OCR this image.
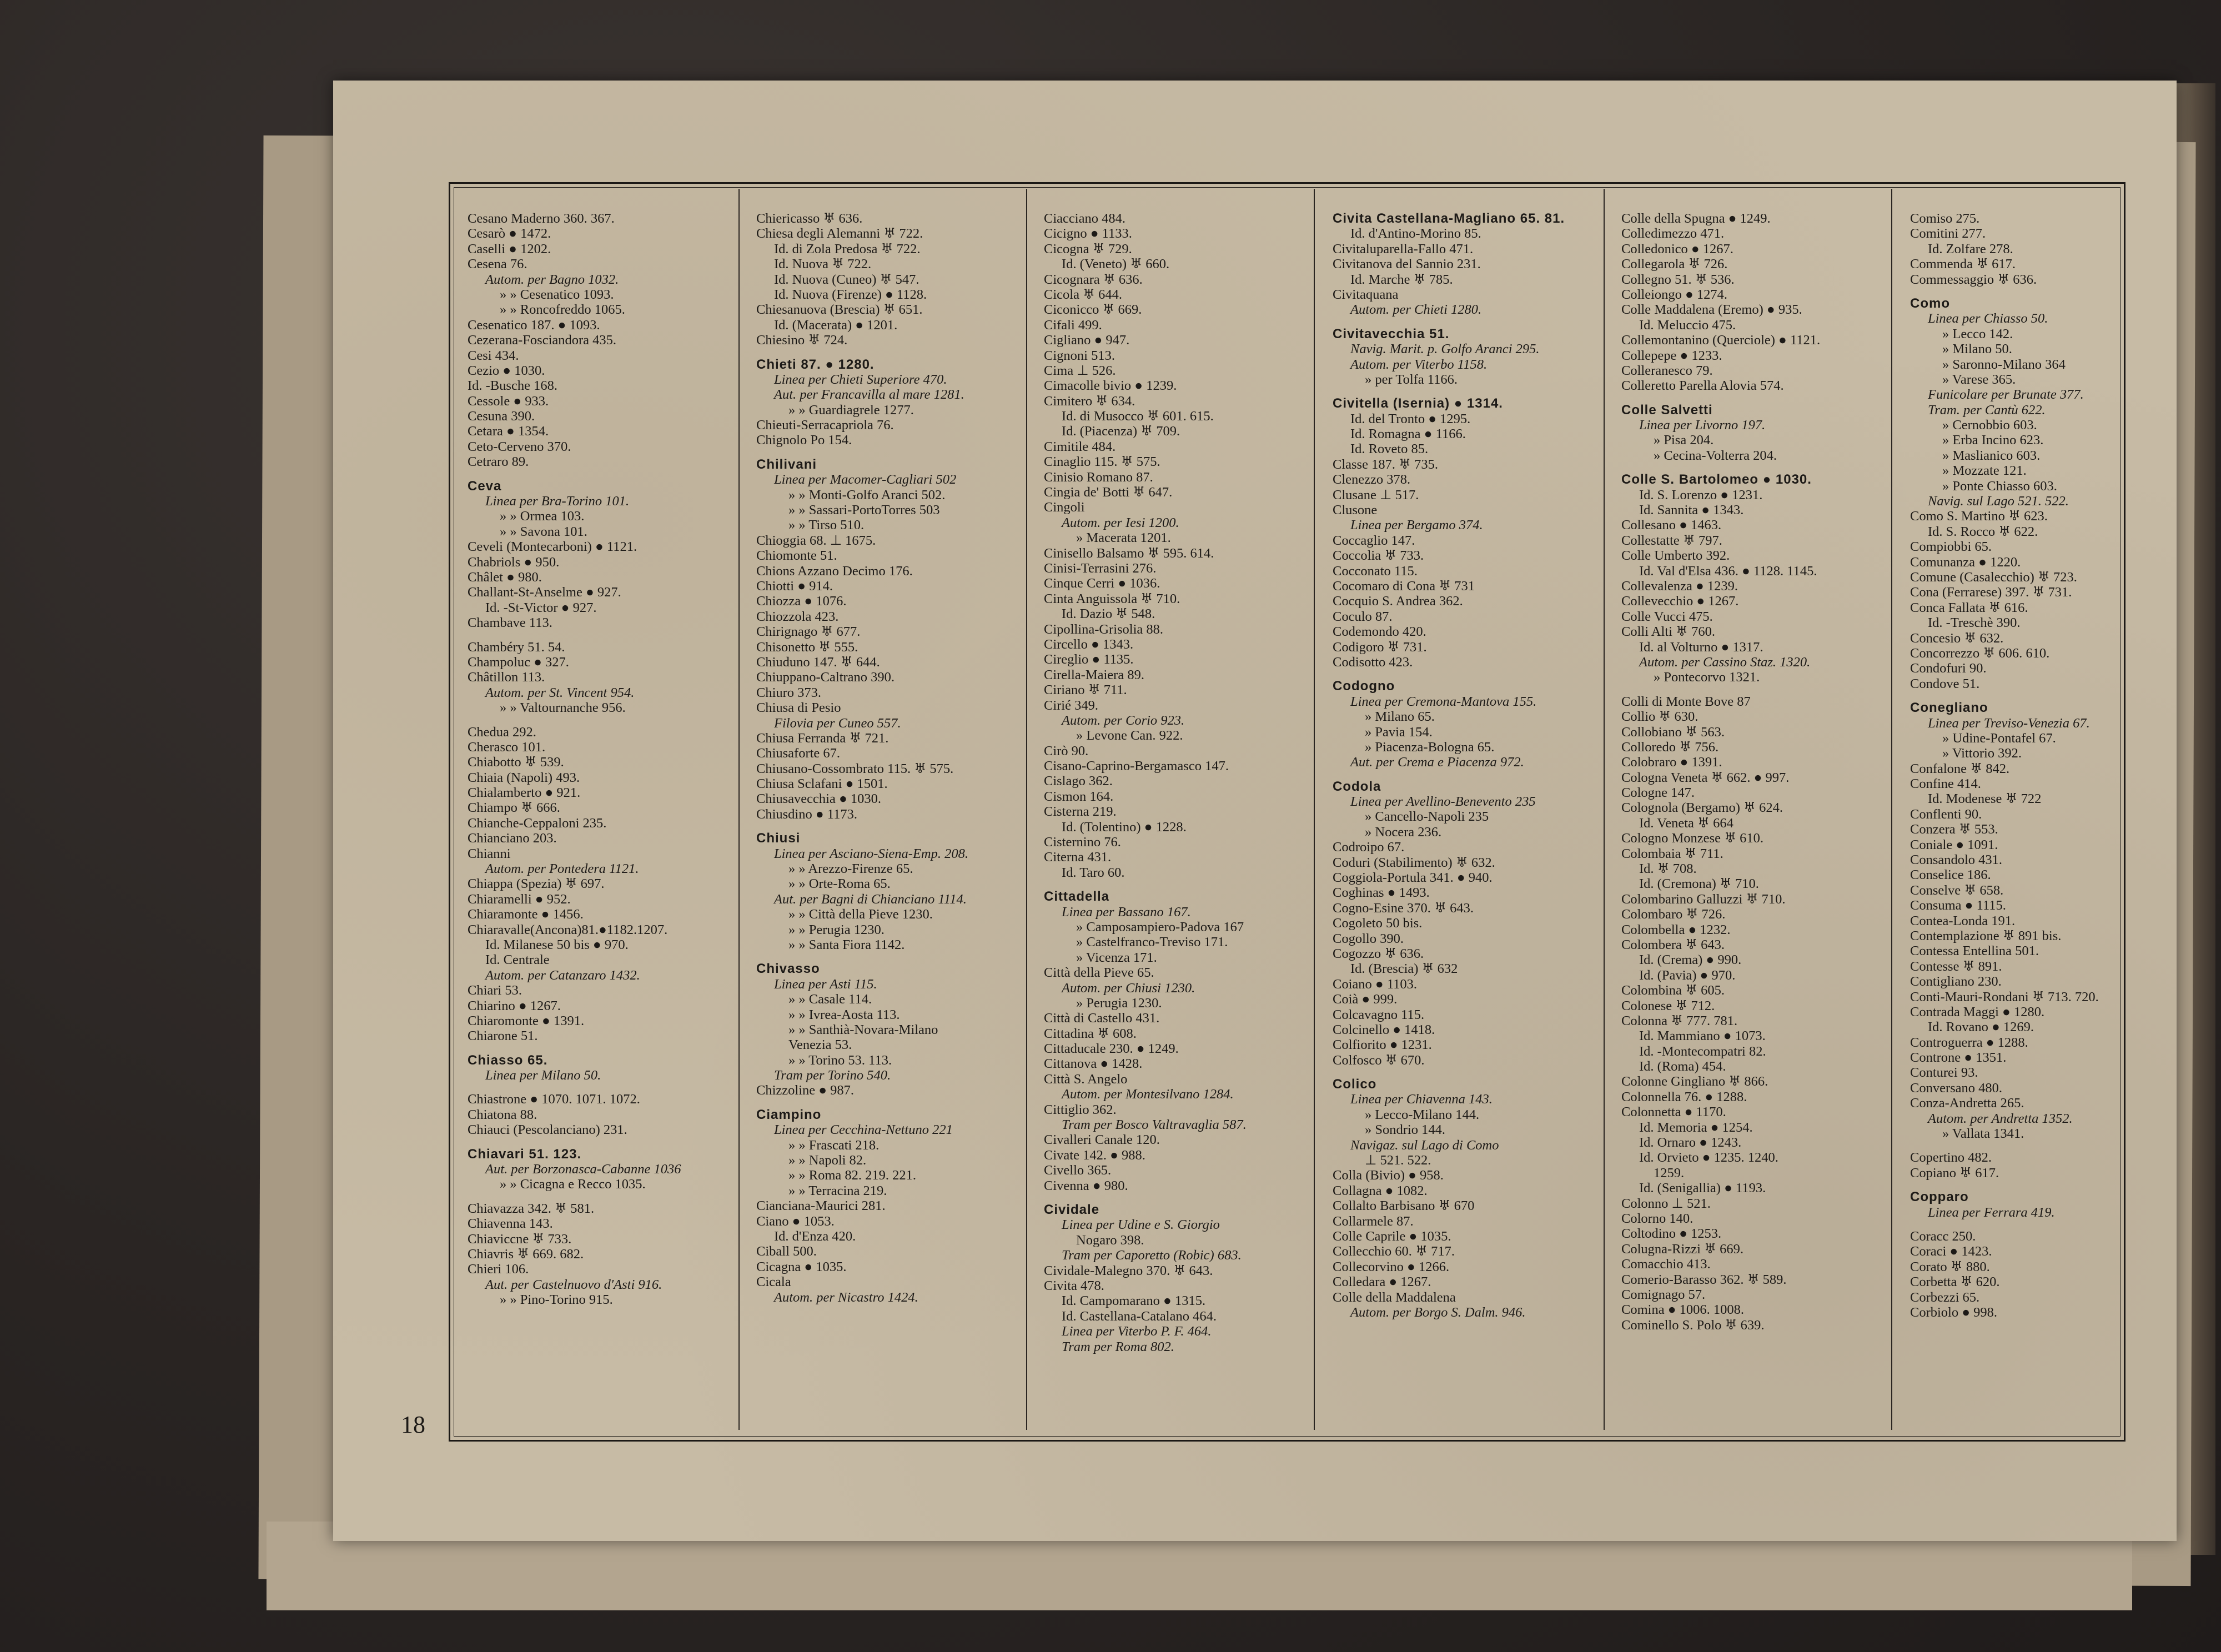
Cesano Maderno 360. 367.
Cesarò ● 1472.
Caselli ● 1202.
Cesena 76.
Autom. per Bagno 1032.
» » Cesenatico 1093.
» » Roncofreddo 1065.
Cesenatico 187. ● 1093.
Cezerana-Fosciandora 435.
Cesi 434.
Cezio ● 1030.
Id. -Busche 168.
Cessole ● 933.
Cesuna 390.
Cetara ● 1354.
Ceto-Cerveno 370.
Cetraro 89.
Ceva
Linea per Bra-Torino 101.
» » Ormea 103.
» » Savona 101.
Ceveli (Montecarboni) ● 1121.
Chabriols ● 950.
Châlet ● 980.
Challant-St-Anselme ● 927.
Id. -St-Victor ● 927.
Chambave 113.
Chambéry 51. 54.
Champoluc ● 327.
Châtillon 113.
Autom. per St. Vincent 954.
» » Valtournanche 956.
Chedua 292.
Cherasco 101.
Chiabotto ♅ 539.
Chiaia (Napoli) 493.
Chialamberto ● 921.
Chiampo ♅ 666.
Chianche-Ceppaloni 235.
Chianciano 203.
Chianni
Autom. per Pontedera 1121.
Chiappa (Spezia) ♅ 697.
Chiaramelli ● 952.
Chiaramonte ● 1456.
Chiaravalle(Ancona)81.●1182.1207.
Id. Milanese 50 bis ● 970.
Id. Centrale
Autom. per Catanzaro 1432.
Chiari 53.
Chiarino ● 1267.
Chiaromonte ● 1391.
Chiarone 51.
Chiasso 65.
Linea per Milano 50.
Chiastrone ● 1070. 1071. 1072.
Chiatona 88.
Chiauci (Pescolanciano) 231.
Chiavari 51. 123.
Aut. per Borzonasca-Cabanne 1036
» » Cicagna e Recco 1035.
Chiavazza 342. ♅ 581.
Chiavenna 143.
Chiaviccne ♅ 733.
Chiavris ♅ 669. 682.
Chieri 106.
Aut. per Castelnuovo d'Asti 916.
» » Pino-Torino 915.
Chiericasso ♅ 636.
Chiesa degli Alemanni ♅ 722.
Id. di Zola Predosa ♅ 722.
Id. Nuova ♅ 722.
Id. Nuova (Cuneo) ♅ 547.
Id. Nuova (Firenze) ● 1128.
Chiesanuova (Brescia) ♅ 651.
Id. (Macerata) ● 1201.
Chiesino ♅ 724.
Chieti 87. ● 1280.
Linea per Chieti Superiore 470.
Aut. per Francavilla al mare 1281.
» » Guardiagrele 1277.
Chieuti-Serracapriola 76.
Chignolo Po 154.
Chilivani
Linea per Macomer-Cagliari 502
» » Monti-Golfo Aranci 502.
» » Sassari-PortoTorres 503
» » Tirso 510.
Chioggia 68. ⊥ 1675.
Chiomonte 51.
Chions Azzano Decimo 176.
Chiotti ● 914.
Chiozza ● 1076.
Chiozzola 423.
Chirignago ♅ 677.
Chisonetto ♅ 555.
Chiuduno 147. ♅ 644.
Chiuppano-Caltrano 390.
Chiuro 373.
Chiusa di Pesio
Filovia per Cuneo 557.
Chiusa Ferranda ♅ 721.
Chiusaforte 67.
Chiusano-Cossombrato 115. ♅ 575.
Chiusa Sclafani ● 1501.
Chiusavecchia ● 1030.
Chiusdino ● 1173.
Chiusi
Linea per Asciano-Siena-Emp. 208.
» » Arezzo-Firenze 65.
» » Orte-Roma 65.
Aut. per Bagni di Chianciano 1114.
» » Città della Pieve 1230.
» » Perugia 1230.
» » Santa Fiora 1142.
Chivasso
Linea per Asti 115.
» » Casale 114.
» » Ivrea-Aosta 113.
» » Santhià-Novara-Milano
Venezia 53.
» » Torino 53. 113.
Tram per Torino 540.
Chizzoline ● 987.
Ciampino
Linea per Cecchina-Nettuno 221
» » Frascati 218.
» » Napoli 82.
» » Roma 82. 219. 221.
» » Terracina 219.
Cianciana-Maurici 281.
Ciano ● 1053.
Id. d'Enza 420.
Ciball 500.
Cicagna ● 1035.
Cicala
Autom. per Nicastro 1424.
Ciacciano 484.
Cicigno ● 1133.
Cicogna ♅ 729.
Id. (Veneto) ♅ 660.
Cicognara ♅ 636.
Cicola ♅ 644.
Ciconicco ♅ 669.
Cifali 499.
Cigliano ● 947.
Cignoni 513.
Cima ⊥ 526.
Cimacolle bivio ● 1239.
Cimitero ♅ 634.
Id. di Musocco ♅ 601. 615.
Id. (Piacenza) ♅ 709.
Cimitile 484.
Cinaglio 115. ♅ 575.
Cinisio Romano 87.
Cingia de' Botti ♅ 647.
Cingoli
Autom. per Iesi 1200.
» Macerata 1201.
Cinisello Balsamo ♅ 595. 614.
Cinisi-Terrasini 276.
Cinque Cerri ● 1036.
Cinta Anguissola ♅ 710.
Id. Dazio ♅ 548.
Cipollina-Grisolia 88.
Circello ● 1343.
Cireglio ● 1135.
Cirella-Maiera 89.
Ciriano ♅ 711.
Cirié 349.
Autom. per Corio 923.
» Levone Can. 922.
Cirò 90.
Cisano-Caprino-Bergamasco 147.
Cislago 362.
Cismon 164.
Cisterna 219.
Id. (Tolentino) ● 1228.
Cisternino 76.
Citerna 431.
Id. Taro 60.
Cittadella
Linea per Bassano 167.
» Camposampiero-Padova 167
» Castelfranco-Treviso 171.
» Vicenza 171.
Città della Pieve 65.
Autom. per Chiusi 1230.
» Perugia 1230.
Città di Castello 431.
Cittadina ♅ 608.
Cittaducale 230. ● 1249.
Cittanova ● 1428.
Città S. Angelo
Autom. per Montesilvano 1284.
Cittiglio 362.
Tram per Bosco Valtravaglia 587.
Civalleri Canale 120.
Civate 142. ● 988.
Civello 365.
Civenna ● 980.
Cividale
Linea per Udine e S. Giorgio
Nogaro 398.
Tram per Caporetto (Robic) 683.
Cividale-Malegno 370. ♅ 643.
Civita 478.
Id. Campomarano ● 1315.
Id. Castellana-Catalano 464.
Linea per Viterbo P. F. 464.
Tram per Roma 802.
Civita Castellana-Magliano 65. 81.
Id. d'Antino-Morino 85.
Civitaluparella-Fallo 471.
Civitanova del Sannio 231.
Id. Marche ♅ 785.
Civitaquana
Autom. per Chieti 1280.
Civitavecchia 51.
Navig. Marit. p. Golfo Aranci 295.
Autom. per Viterbo 1158.
» per Tolfa 1166.
Civitella (Isernia) ● 1314.
Id. del Tronto ● 1295.
Id. Romagna ● 1166.
Id. Roveto 85.
Classe 187. ♅ 735.
Clenezzo 378.
Clusane ⊥ 517.
Clusone
Linea per Bergamo 374.
Coccaglio 147.
Coccolia ♅ 733.
Cocconato 115.
Cocomaro di Cona ♅ 731
Cocquio S. Andrea 362.
Coculo 87.
Codemondo 420.
Codigoro ♅ 731.
Codisotto 423.
Codogno
Linea per Cremona-Mantova 155.
» Milano 65.
» Pavia 154.
» Piacenza-Bologna 65.
Aut. per Crema e Piacenza 972.
Codola
Linea per Avellino-Benevento 235
» Cancello-Napoli 235
» Nocera 236.
Codroipo 67.
Coduri (Stabilimento) ♅ 632.
Coggiola-Portula 341. ● 940.
Coghinas ● 1493.
Cogno-Esine 370. ♅ 643.
Cogoleto 50 bis.
Cogollo 390.
Cogozzo ♅ 636.
Id. (Brescia) ♅ 632
Coiano ● 1103.
Coià ● 999.
Colcavagno 115.
Colcinello ● 1418.
Colfiorito ● 1231.
Colfosco ♅ 670.
Colico
Linea per Chiavenna 143.
» Lecco-Milano 144.
» Sondrio 144.
Navigaz. sul Lago di Como
⊥ 521. 522.
Colla (Bivio) ● 958.
Collagna ● 1082.
Collalto Barbisano ♅ 670
Collarmele 87.
Colle Caprile ● 1035.
Collecchio 60. ♅ 717.
Collecorvino ● 1266.
Colledara ● 1267.
Colle della Maddalena
Autom. per Borgo S. Dalm. 946.
Colle della Spugna ● 1249.
Colledimezzo 471.
Colledonico ● 1267.
Collegarola ♅ 726.
Collegno 51. ♅ 536.
Colleiongo ● 1274.
Colle Maddalena (Eremo) ● 935.
Id. Meluccio 475.
Collemontanino (Querciole) ● 1121.
Collepepe ● 1233.
Colleranesco 79.
Colleretto Parella Alovia 574.
Colle Salvetti
Linea per Livorno 197.
» Pisa 204.
» Cecina-Volterra 204.
Colle S. Bartolomeo ● 1030.
Id. S. Lorenzo ● 1231.
Id. Sannita ● 1343.
Collesano ● 1463.
Collestatte ♅ 797.
Colle Umberto 392.
Id. Val d'Elsa 436. ● 1128. 1145.
Collevalenza ● 1239.
Collevecchio ● 1267.
Colle Vucci 475.
Colli Alti ♅ 760.
Id. al Volturno ● 1317.
Autom. per Cassino Staz. 1320.
» Pontecorvo 1321.
Colli di Monte Bove 87
Collio ♅ 630.
Collobiano ♅ 563.
Colloredo ♅ 756.
Colobraro ● 1391.
Cologna Veneta ♅ 662. ● 997.
Cologne 147.
Colognola (Bergamo) ♅ 624.
Id. Veneta ♅ 664
Cologno Monzese ♅ 610.
Colombaia ♅ 711.
Id. ♅ 708.
Id. (Cremona) ♅ 710.
Colombarino Galluzzi ♅ 710.
Colombaro ♅ 726.
Colombella ● 1232.
Colombera ♅ 643.
Id. (Crema) ● 990.
Id. (Pavia) ● 970.
Colombina ♅ 605.
Colonese ♅ 712.
Colonna ♅ 777. 781.
Id. Mammiano ● 1073.
Id. -Montecompatri 82.
Id. (Roma) 454.
Colonne Gingliano ♅ 866.
Colonnella 76. ● 1288.
Colonnetta ● 1170.
Id. Memoria ● 1254.
Id. Ornaro ● 1243.
Id. Orvieto ● 1235. 1240.
1259.
Id. (Senigallia) ● 1193.
Colonno ⊥ 521.
Colorno 140.
Coltodino ● 1253.
Colugna-Rizzi ♅ 669.
Comacchio 413.
Comerio-Barasso 362. ♅ 589.
Comignago 57.
Comina ● 1006. 1008.
Cominello S. Polo ♅ 639.
Comiso 275.
Comitini 277.
Id. Zolfare 278.
Commenda ♅ 617.
Commessaggio ♅ 636.
Como
Linea per Chiasso 50.
» Lecco 142.
» Milano 50.
» Saronno-Milano 364
» Varese 365.
Funicolare per Brunate 377.
Tram. per Cantù 622.
» Cernobbio 603.
» Erba Incino 623.
» Maslianico 603.
» Mozzate 121.
» Ponte Chiasso 603.
Navig. sul Lago 521. 522.
Como S. Martino ♅ 623.
Id. S. Rocco ♅ 622.
Compiobbi 65.
Comunanza ● 1220.
Comune (Casalecchio) ♅ 723.
Cona (Ferrarese) 397. ♅ 731.
Conca Fallata ♅ 616.
Id. -Treschè 390.
Concesio ♅ 632.
Concorrezzo ♅ 606. 610.
Condofuri 90.
Condove 51.
Conegliano
Linea per Treviso-Venezia 67.
» Udine-Pontafel 67.
» Vittorio 392.
Confalone ♅ 842.
Confine 414.
Id. Modenese ♅ 722
Conflenti 90.
Conzera ♅ 553.
Coniale ● 1091.
Consandolo 431.
Conselice 186.
Conselve ♅ 658.
Consuma ● 1115.
Contea-Londa 191.
Contemplazione ♅ 891 bis.
Contessa Entellina 501.
Contesse ♅ 891.
Contigliano 230.
Conti-Mauri-Rondani ♅ 713. 720.
Contrada Maggi ● 1280.
Id. Rovano ● 1269.
Controguerra ● 1288.
Controne ● 1351.
Conturei 93.
Conversano 480.
Conza-Andretta 265.
Autom. per Andretta 1352.
» Vallata 1341.
Copertino 482.
Copiano ♅ 617.
Copparo
Linea per Ferrara 419.
Coracc 250.
Coraci ● 1423.
Corato ♅ 880.
Corbetta ♅ 620.
Corbezzi 65.
Corbiolo ● 998.
18
